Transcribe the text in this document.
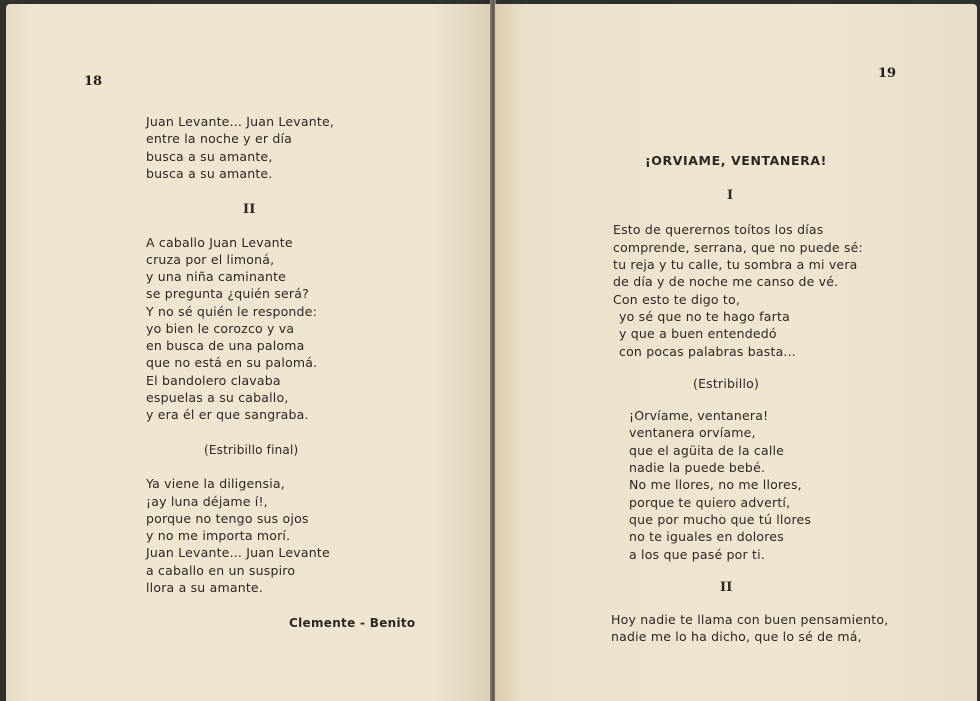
18
Juan Levante... Juan Levante,
entre la noche y er día
busca a su amante,
busca a su amante.
II
A caballo Juan Levante
cruza por el limoná,
y una niña caminante
se pregunta ¿quién será?
Y no sé quién le responde:
yo bien le corozco y va
en busca de una paloma
que no está en su palomá.
El bandolero clavaba
espuelas a su caballo,
y era él er que sangraba.
(Estribillo final)
Ya viene la diligensia,
¡ay luna déjame í!,
porque no tengo sus ojos
y no me importa morí.
Juan Levante... Juan Levante
a caballo en un suspiro
llora a su amante.
Clemente - Benito
19
¡ORVIAME, VENTANERA!
I
Esto de querernos toítos los días
comprende, serrana, que no puede sé:
tu reja y tu calle, tu sombra a mi vera
de día y de noche me canso de vé.
Con esto te digo to,
yo sé que no te hago farta
y que a buen entendedó
con pocas palabras basta...
(Estribillo)
¡Orvíame, ventanera!
ventanera orvíame,
que el agüita de la calle
nadie la puede bebé.
No me llores, no me llores,
porque te quiero advertí,
que por mucho que tú llores
no te iguales en dolores
a los que pasé por ti.
II
Hoy nadie te llama con buen pensamiento,
nadie me lo ha dicho, que lo sé de má,
